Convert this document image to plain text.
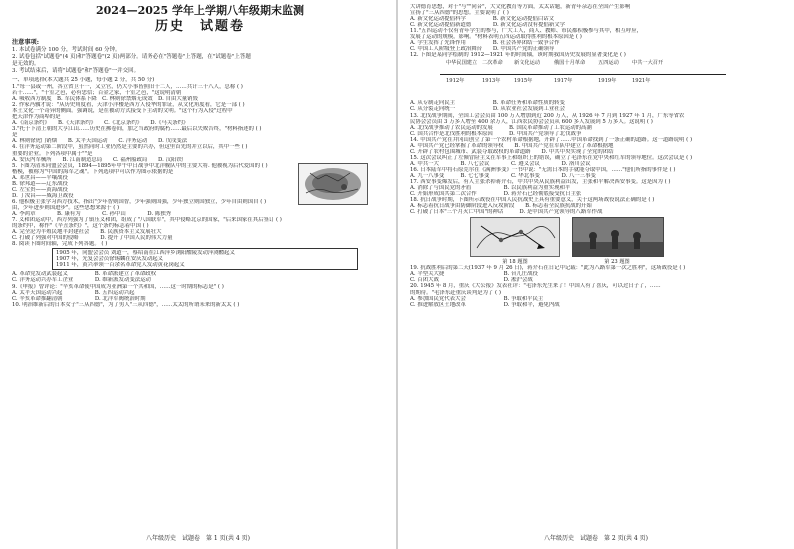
2024—2025 学年上学期八年级期末监测
历史　试题卷
注意事项:
1. 本试卷满分 100 分，考试时间 60 分钟。
2. 试卷包括"试题卷"(4 页)和"答题卷"(2 页)两部分。请务必在"答题卷"上答题，在"试题卷"上答题
是无效的。
3. 考试结束后，请将"试题卷"和"答题卷"一并交回。
一、单项选择(本大题共 25 小题，每小题 2 分，共 50 分)
1."每一县或一州，各立省卫十一，又立官，仍大小事皆照旧十二人，……共计三十八人，总称 ( )
若干……"，"十室之邑，必有忠信；百金之家，十室之邑，"这说明清朝
A. 吸收西方制度　B. 军民体系下降　C. 林则徐禁烟无成效　D. 自由大量销毁
2. 作家冯骥才说："从历史角度看，天津小洋楼是西方人侵华的罪证，从文化角度看，它是一部 ( )
本土文化一个奇异的侧面。强调说，是在被动方式接受下主动的文明。"这个行为入侵"过程中
把天津作为商埠的是
A.《南京条约》　　B.《天津条约》　　C.《北京条约》　　D.《马关条约》
3."托于下清上朝的大亨江山……历史在拂卷间，加之当政府的腐朽……最后以失败告终，"材料指述的 ( )
是
A. 林则徐虎门销烟　　B. 太平天国运动　　C. 洋务运动　　D. 戊戌变法
4. 在洋务运动第二阶段中，虽然同时工业仍然是主要的兴办，但这里首先的并立以后，其中一些 ( )
重要的企业。下列各项中属于""是
A. 安庆内军械所　　B. 江南制造总局　　C. 福州船政局　　D. 汉阳铁厂
5. 下图为清末同盟会会员，1894—1895年甲午中日战争中北洋舰队中的主要大将. 他被视为后代爱国的 ( )
楷模，被称为"中国的海军之魂"。下列选项中可以作为图示依据的是
A. 邓世昌——平壤战役
B. 徐邦道——辽东战役
C. 左宝贵——黄海战役
D. 丁汝昌——威海卫战役
6. 他积极主张学习西方技术，指出"少年智则国智，少年强则国强，少年独立则国独立，少年自由则国自 ( )
由，少年进步则国进步"。这些思想来源于 ( )
A. 李鸿章　　　　B. 康有为　　　　C. 孙中山　　　　D. 陈独秀
7. 义和团运动中，西方列强为了镇压义和团，组成了"八国联军"，其中侵略北京的国家，"后来国家在其后签订 ( )
的条约中，称作"《辛丑条约》"，这个条约标志着中国 ( )
A. 完全沦为半殖民地半封建社会　　B. 民族资本主义发展壮大
C. 打破了列强对中国的侵略　　　　D. 提升了中国人民的伟大力量
8. 阅读下图时间轴，完成下列各题。 ( )
1905 年，同盟会会员 刘道一，蔡绍南在江西萍乡浏阳醴陵发动萍浏醴起义
1907 年，光复会会员徐锡麟在安庆发动起义
1911 年，黄兴率领一百余名革命党人发动黄花岗起义
A. 革命党发动武装起义　　　　　B. 革命派建立了革命政权
C. 洋务运动兴办军工企业　　　　D. 维新派发动变法运动
9.《申报》曾评论："辛亥革命使中国成为亚洲第一个共和国，……这一时期的标志是" ( )
A. 太平天国运动兴起　　　　　　B. 五四运动兴起
C. 辛亥革命推翻清朝　　　　　　D. 北洋军阀统治时期
10. 明治维新后的日本女子"三从四德"，为了男人"三从四德"，……太太的所谓未来的新太太 ( )
八年级历史　试题卷　第 1 页(共 4 页)
大讲德育思想，对于"与""同音"，大文化教育等方面，太太话题，新青年杂志在全国产生影响
宣扬了"三从四德"的思想。主要说明了 ( )
A. 新文化运动提倡科学　　　　　B. 新文化运动提倡白话文
C. 新文化运动提倡新道德　　　　D. 新文化运动没有提倡新文学
11."五四运动不仅有青年学生的参与，广大工人，商人、教师、市民都积极参与其中，相互呼应，
发展了运动的规模，影响。"材料表明五四运动取得胜利的根本原因是 ( )
A. 学生发挥了先锋作用　　　　　B. 社会各界团结一致争合作
C. 中国工人阶级登上政治舞台　　D. 中国共产党的正确领导
12. 下图是某同学绘制的 1912—1921 年的时间轴，该时期我国历史发展的显著变化是 ( )
中华民国建立 二次革命 新文化运动	俄国十月革命 五四运动	中共一大召开
1912年	1913年	1915年	1917年	1919年	1921年
A. 从专制走向民主　　　　　　　B. 革命任务和革命性质的转变
C. 从分裂走向统一　　　　　　　D. 从农业社会发展到工业社会
13. 北伐战争期间，全国工会会员由 100 万人增加到近 200 万人，从 1926 年 7 月到 1927 年 1 月，广东等省农
民协会会员由 3 万多人增至 400 余万人，江西农民协会会员从 600 多人发展到 5 万多人。这说明 ( )
A. 北伐战争推动了农民运动的发展　　　B. 国民革命推动了工农运动的高潮
C. 国共合作是北伐胜利的根本原因　　　D. 中国共产党领导了北伐战争
14. 中国共产党在井冈山创立了第一个农村革命根据地，开辟了……中国革命找到了一条正确的道路。这一道路说明 ( )
A. 中国共产党已经掌握了革命的领导权　　B. 中国共产党在军队中建立了革命根据地
C. 开辟了农村包围城市、武装夺取政权的革命道路　　D. 中共中央实现了全党的团结
15. 这次会议纠正了左倾冒险主义在军事上和组织上的错误，确立了毛泽东在党中央和红军的领导地位。这次会议是 ( )
A. 中共一大　　　　B. 八七会议　　　　C. 遵义会议　　　　D. 洛川会议
16. 日本陆军中将石原莞尔在《满洲事变》一书中说："无需日本的手就能夺取中国，……"他们所指的事件是 ( )
A. 九一八事变　　　B. 七七事变　　　　C. 华北事变　　　　D. 八一三事变
17. 西安事变爆发后，有人主张杀掉蒋介石，中共中央从民族利益出发，主张和平解决西安事变。这是因为 ( )
A. 消除了与国民党的矛盾　　　　　　B. 以民族利益为重实现和平
C. 开始形成国共第二次合作　　　　　D. 蒋介石已经彻底接受抗日主张
18. 抗日战争时期，下图所示战役在中国人民抗战史上具有重要意义，关于这两场战役说法正确的是 ( )
A. 标志着抗日战争由防御阶段进入反攻阶段　　B. 标志着全民族抗战的开始
C. 打破了日本"三个月灭亡中国"的神话　　　D. 是中国共产党领导的八路军作战
第 18 题图	第 23 题图
19. 抗战胜利后的第二天(1937 年 9 月 26 日)，蒋介石在日记中记载："此为八路军第一次之胜利"，这场战役是 ( )
A. 平型关大捷　　　　　　　　　　　B. 台儿庄战役
C. 百团大战　　　　　　　　　　　　D. 淞沪会战
20. 1945 年 8 月，重庆《大公报》发表社评："毛泽东先生来了！中国人有了喜庆，可以过日子了，……
的期待。"毛泽东赴重庆谈判是为了 ( )
A. 参加国民党代表大会　　　　　　　B. 争取和平民主
C. 推进解放区土地改革　　　　　　　D. 争取和平，避免内战
八年级历史　试题卷　第 2 页(共 4 页)
